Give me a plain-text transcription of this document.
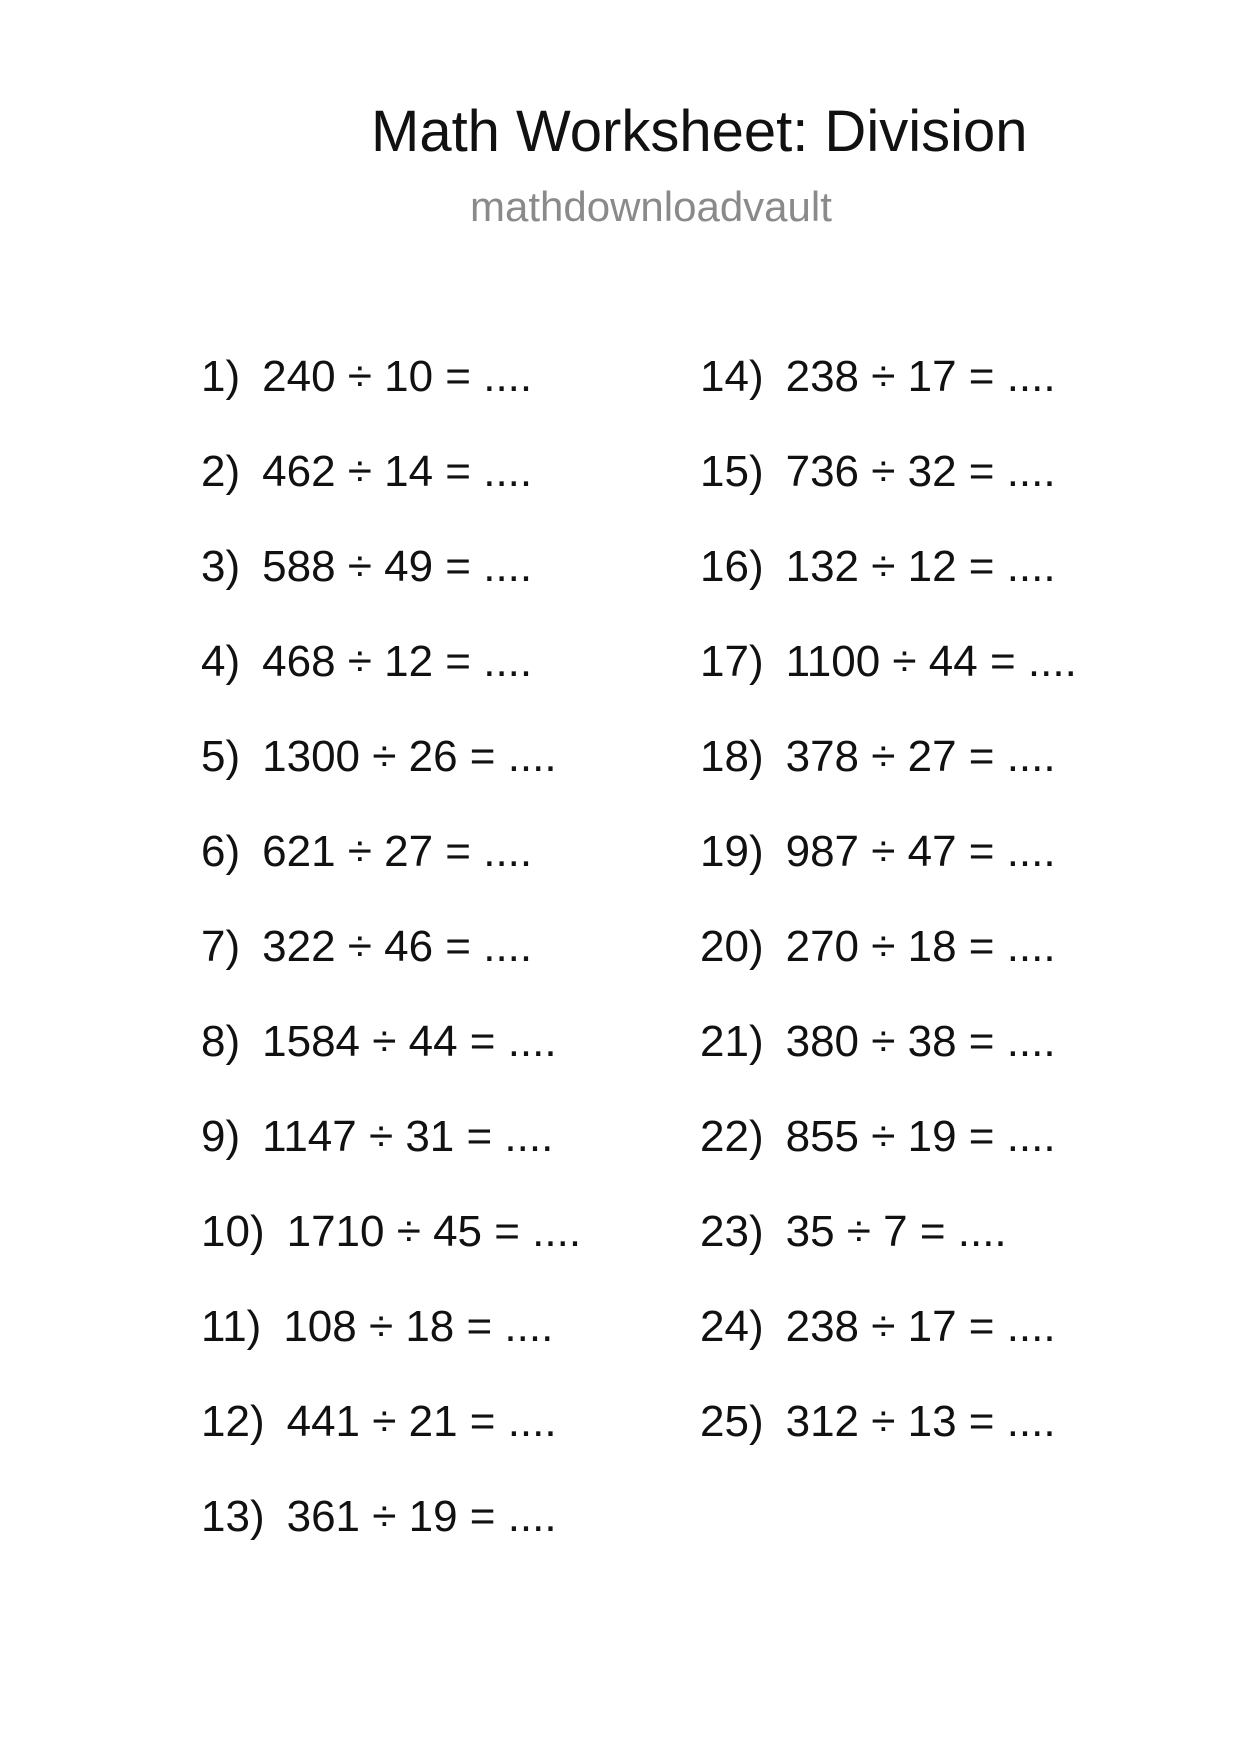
Math Worksheet: Division
mathdownloadvault
1) 240 ÷ 10 = ....
2) 462 ÷ 14 = ....
3) 588 ÷ 49 = ....
4) 468 ÷ 12 = ....
5) 1300 ÷ 26 = ....
6) 621 ÷ 27 = ....
7) 322 ÷ 46 = ....
8) 1584 ÷ 44 = ....
9) 1147 ÷ 31 = ....
10) 1710 ÷ 45 = ....
11) 108 ÷ 18 = ....
12) 441 ÷ 21 = ....
13) 361 ÷ 19 = ....
14) 238 ÷ 17 = ....
15) 736 ÷ 32 = ....
16) 132 ÷ 12 = ....
17) 1100 ÷ 44 = ....
18) 378 ÷ 27 = ....
19) 987 ÷ 47 = ....
20) 270 ÷ 18 = ....
21) 380 ÷ 38 = ....
22) 855 ÷ 19 = ....
23) 35 ÷ 7 = ....
24) 238 ÷ 17 = ....
25) 312 ÷ 13 = ....
